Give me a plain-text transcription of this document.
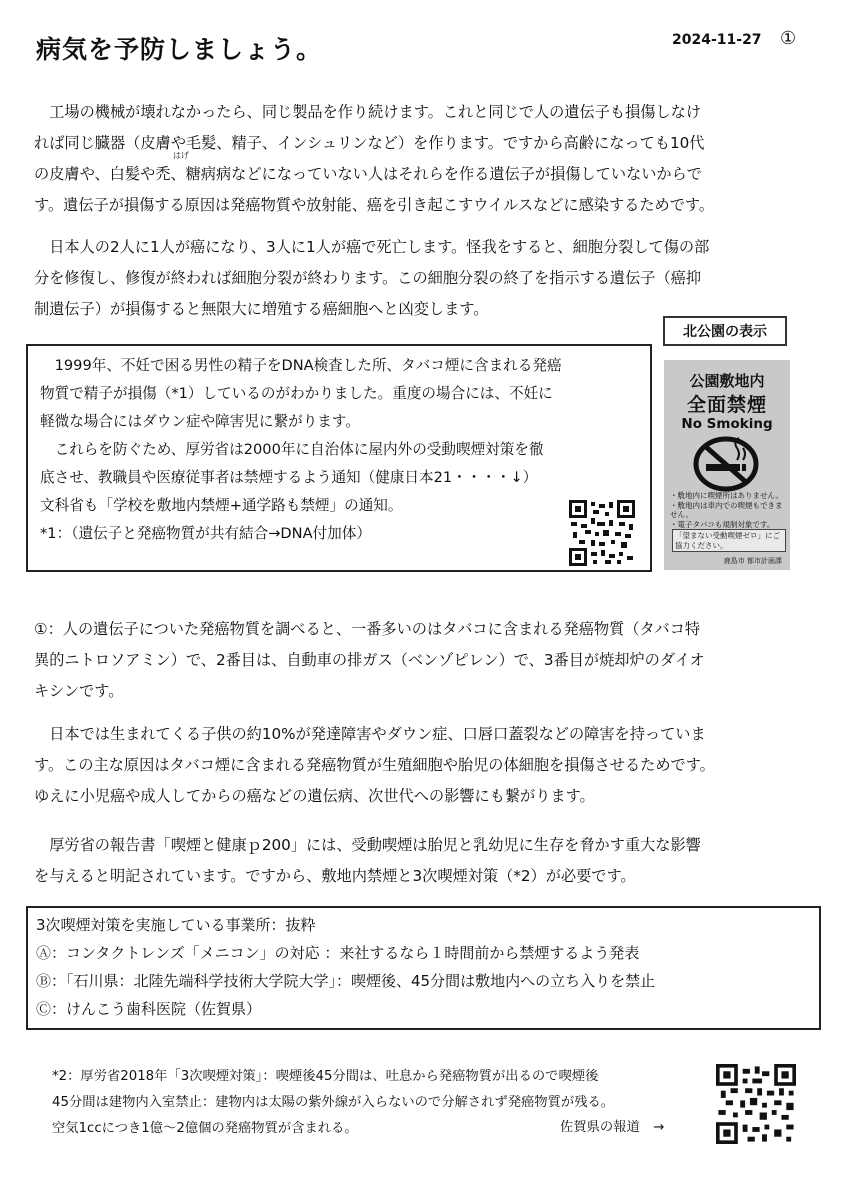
病気を予防しましょう。	2024-11-27 ①

工場の機械が壊れなかったら、同じ製品を作り続けます。これと同じで人の遺伝子も損傷しなけ

れば同じ臓器（皮膚や毛髪、精子、インシュリンなど）を作ります。ですから高齢になっても10代

の皮膚や、白髪や禿、糖病病などになっていない人はそれらを作る遺伝子が損傷していないからで

す。遺伝子が損傷する原因は発癌物質や放射能、癌を引き起こすウイルスなどに感染するためです。

はげ

日本人の2人に1人が癌になり、3人に1人が癌で死亡します。怪我をすると、細胞分裂して傷の部

分を修復し、修復が終われば細胞分裂が終わります。この細胞分裂の終了を指示する遺伝子（癌抑

制遺伝子）が損傷すると無限大に増殖する癌細胞へと凶変します。

1999年、不妊で困る男性の精子をDNA検査した所、タバコ煙に含まれる発癌
物質で精子が損傷（*1）しているのがわかりました。重度の場合には、不妊に
軽微な場合にはダウン症や障害児に繋がります。
これらを防ぐため、厚労省は2000年に自治体に屋内外の受動喫煙対策を徹
底させ、教職員や医療従事者は禁煙するよう通知（健康日本21・・・・↓）
文科省も「学校を敷地内禁煙+通学路も禁煙」の通知。
*1：（遺伝子と発癌物質が共有結合→DNA付加体）
北公園の表示
公園敷地内
全面禁煙
No Smoking
・敷地内に喫煙所はありません。
・敷地内は車内での喫煙もできません。
・電子タバコも規制対象です。
「望まない受動喫煙ゼロ」にご協力ください。
鹿島市 都市計画課

①：人の遺伝子についた発癌物質を調べると、一番多いのはタバコに含まれる発癌物質（タバコ特

異的ニトロソアミン）で、2番目は、自動車の排ガス（ベンゾピレン）で、3番目が焼却炉のダイオ

キシンです。

日本では生まれてくる子供の約10%が発達障害やダウン症、口唇口蓋裂などの障害を持っていま

す。この主な原因はタバコ煙に含まれる発癌物質が生殖細胞や胎児の体細胞を損傷させるためです。

ゆえに小児癌や成人してからの癌などの遺伝病、次世代への影響にも繋がります。

厚労省の報告書「喫煙と健康ｐ200」には、受動喫煙は胎児と乳幼児に生存を脅かす重大な影響

を与えると明記されています。ですから、敷地内禁煙と3次喫煙対策（*2）が必要です。

3次喫煙対策を実施している事業所：抜粋
Ⓐ：コンタクトレンズ「メニコン」の対応 ：来社するなら１時間前から禁煙するよう発表
Ⓑ：「石川県：北陸先端科学技術大学院大学」：喫煙後、45分間は敷地内への立ち入りを禁止
Ⓒ：けんこう歯科医院（佐賀県）
*2：厚労省2018年「3次喫煙対策」：喫煙後45分間は、吐息から発癌物質が出るので喫煙後
45分間は建物内入室禁止：建物内は太陽の紫外線が入らないので分解されず発癌物質が残る。
空気1ccにつき1億～2億個の発癌物質が含まれる。	佐賀県の報道　→
